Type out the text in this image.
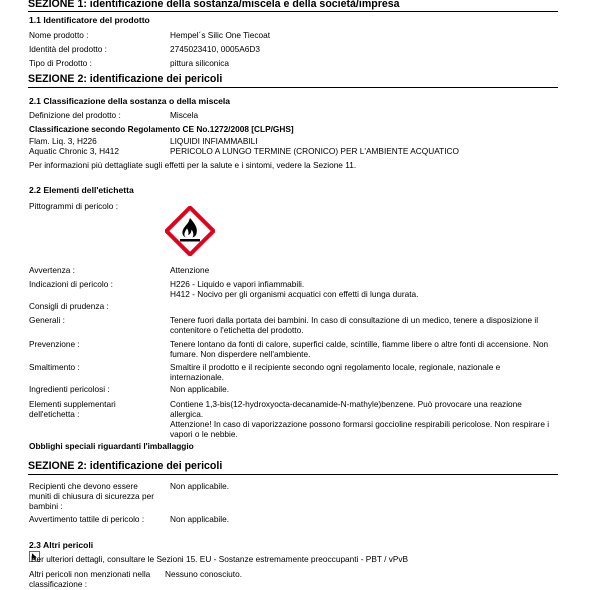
SEZIONE 1: identificazione della sostanza/miscela e della società/impresa
1.1 Identificatore del prodotto
Nome prodotto :	Hempel´s Silic One Tiecoat
Identità del prodotto :	2745023410, 0005A6D3
Tipo di Prodotto :	pittura siliconica
SEZIONE 2: identificazione dei pericoli
2.1 Classificazione della sostanza o della miscela
Definizione del prodotto :	Miscela
Classificazione secondo Regolamento CE No.1272/2008 [CLP/GHS]
Flam. Liq. 3, H226	LIQUIDI INFIAMMABILI
Aquatic Chronic 3, H412	PERICOLO A LUNGO TERMINE (CRONICO) PER L'AMBIENTE ACQUATICO
Per informazioni più dettagliate sugli effetti per la salute e i sintomi, vedere la Sezione 11.
2.2 Elementi dell'etichetta
Pittogrammi di pericolo :
Avvertenza :	Attenzione
Indicazioni di pericolo :	H226 - Liquido e vapori infiammabili.
H412 - Nocivo per gli organismi acquatici con effetti di lunga durata.
Consigli di prudenza :
Generali :	Tenere fuori dalla portata dei bambini. In caso di consultazione di un medico, tenere a disposizione il
contenitore o l'etichetta del prodotto.
Prevenzione :	Tenere lontano da fonti di calore, superfici calde, scintille, fiamme libere o altre fonti di accensione. Non
fumare. Non disperdere nell'ambiente.
Smaltimento :	Smaltire il prodotto e il recipiente secondo ogni regolamento locale, regionale, nazionale e
internazionale.
Ingredienti pericolosi :	Non applicabile.
Elementi supplementari
dell'etichetta :
Contiene 1,3-bis(12-hydroxyocta-decanamide-N-mathyle)benzene. Può provocare una reazione
allergica.
Attenzione! In caso di vaporizzazione possono formarsi goccioline respirabili pericolose. Non respirare i
vapori o le nebbie.
Obblighi speciali riguardanti l'imballaggio
SEZIONE 2: identificazione dei pericoli
Recipienti che devono essere
muniti di chiusura di sicurezza per
bambini :
Non applicabile.
Avvertimento tattile di pericolo :	Non applicabile.
2.3 Altri pericoli
Per ulteriori dettagli, consultare le Sezioni 15. EU - Sostanze estremamente preoccupanti - PBT / vPvB
Altri pericoli non menzionati nella
classificazione :
Nessuno conosciuto.
